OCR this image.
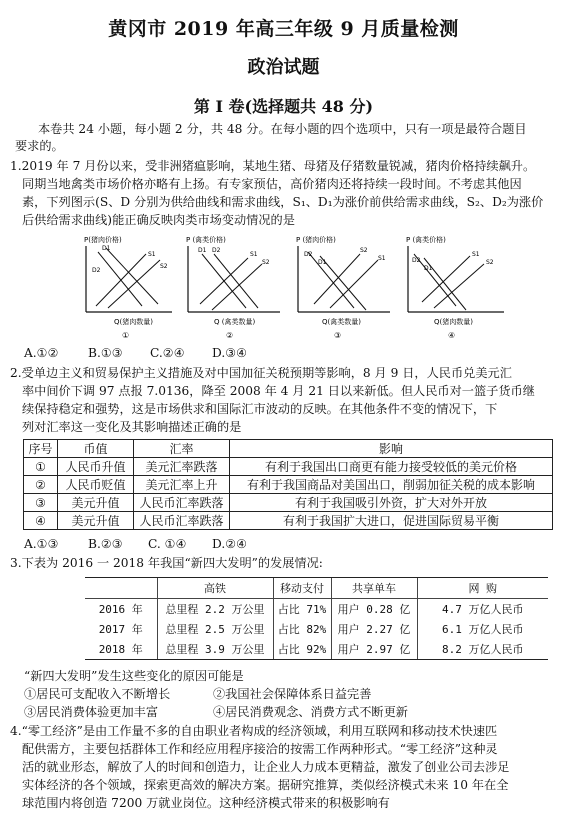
黄冈市 2019 年高三年级 9 月质量检测
政治试题
第 I 卷(选择题共 48 分)
本卷共 24 小题，每小题 2 分，共 48 分。在每小题的四个选项中，只有一项是最符合题目
要求的。
1.2019 年 7 月份以来，受非洲猪瘟影响，某地生猪、母猪及仔猪数量锐减，猪肉价格持续飙升。
同期当地禽类市场价格亦略有上扬。有专家预估，高价猪肉还将持续一段时间。不考虑其他因
素，下列图示(S、D 分别为供给曲线和需求曲线，S₁、D₁为涨价前供给需求曲线，S₂、D₂为涨价
后供给需求曲线)能正确反映肉类市场变动情况的是
P(猪肉价格)
D1
D2
S1
S2
Q(猪肉数量)
①
P (禽类价格)
D1 D2
S1
S2
Q (禽类数量)
②
P (猪肉价格)
D2
D1
S2
S1
Q(禽类数量)
③
P (禽类价格)
D2
D1
S1
S2
Q(猪肉数量)
④
A.①② B.①③ C.②④ D.③④
2.受单边主义和贸易保护主义措施及对中国加征关税预期等影响，8 月 9 日，人民币兑美元汇
率中间价下调 97 点报 7.0136，降至 2008 年 4 月 21 日以来新低。但人民币对一篮子货币继
续保持稳定和强势，这是市场供求和国际汇市波动的反映。在其他条件不变的情况下，下
列对汇率这一变化及其影响描述正确的是
序号	币值	汇率	影响
①	人民币升值	美元汇率跌落	有利于我国出口商更有能力接受较低的美元价格
②	人民币贬值	美元汇率上升	有利于我国商品对美国出口，削弱加征关税的成本影响
③	美元升值	人民币汇率跌落	有利于我国吸引外资，扩大对外开放
④	美元升值	人民币汇率跌落	有利于我国扩大进口，促进国际贸易平衡
A.①③ B.②③ C. ①④ D.②④
3.下表为 2016 一 2018 年我国“新四大发明”的发展情况:
	高铁	移动支付	共享单车	网 购
2016 年	总里程 2.2 万公里	占比 71%	用户 0.28 亿	4.7 万亿人民币
2017 年	总里程 2.5 万公里	占比 82%	用户 2.27 亿	6.1 万亿人民币
2018 年	总里程 3.9 万公里	占比 92%	用户 2.97 亿	8.2 万亿人民币
“新四大发明”发生这些变化的原因可能是
①居民可支配收入不断增长	②我国社会保障体系日益完善
③居民消费体验更加丰富	④居民消费观念、消费方式不断更新
4.“零工经济”是由工作量不多的自由职业者构成的经济领域，利用互联网和移动技术快速匹
配供需方，主要包括群体工作和经应用程序接洽的按需工作两种形式。“零工经济”这种灵
活的就业形态，解放了人的时间和创造力，让企业人力成本更精益，激发了创业公司去涉足
实体经济的各个领域，探索更高效的解决方案。据研究推算，类似经济模式未来 10 年在全
球范围内将创造 7200 万就业岗位。这种经济模式带来的积极影响有
